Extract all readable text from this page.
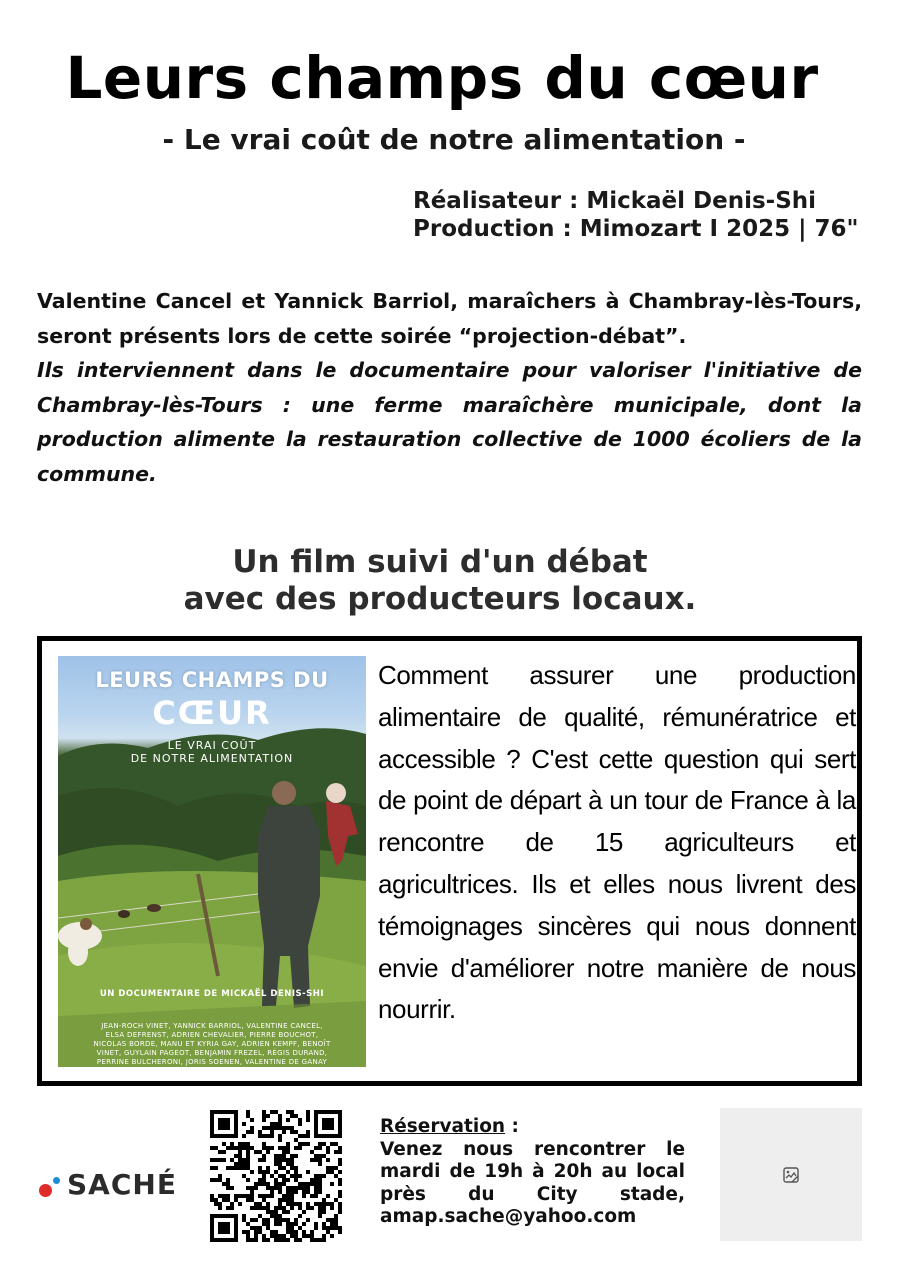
Leurs champs du cœur
- Le vrai coût de notre alimentation -
Réalisateur : Mickaël Denis-Shi
Production : Mimozart I 2025 | 76"
Valentine Cancel et Yannick Barriol, maraîchers à Chambray-lès-Tours, seront présents lors de cette soirée “projection-débat”.
Ils interviennent dans le documentaire pour valoriser l'initiative de Chambray-lès-Tours : une ferme maraîchère municipale, dont la production alimente la restauration collective de 1000 écoliers de la commune.
Un film suivi d'un débat
avec des producteurs locaux.
LEURS CHAMPS DU
CŒUR
LE VRAI COÛT
DE NOTRE ALIMENTATION
UN DOCUMENTAIRE DE MICKAËL DENIS-SHI
JEAN-ROCH VINET, YANNICK BARRIOL, VALENTINE CANCEL,
ELSA DEFRENST, ADRIEN CHEVALIER, PIERRE BOUCHOT,
NICOLAS BORDE, MANU ET KYRIA GAY, ADRIEN KEMPF, BENOÎT
VINET, GUYLAIN PAGEOT, BENJAMIN FREZEL, RÉGIS DURAND,
PERRINE BULCHERONI, JORIS SOENEN, VALENTINE DE GANAY
Comment assurer une production alimentaire de qualité, rémunératrice et accessible ? C'est cette question qui sert de point de départ à un tour de France à la rencontre de 15 agriculteurs et agricultrices. Ils et elles nous livrent des témoignages sincères qui nous donnent envie d'améliorer notre manière de nous nourrir.
SACHÉ
Réservation :
Venez nous rencontrer le mardi de 19h à 20h au local près du City stade, amap.sache@yahoo.com
